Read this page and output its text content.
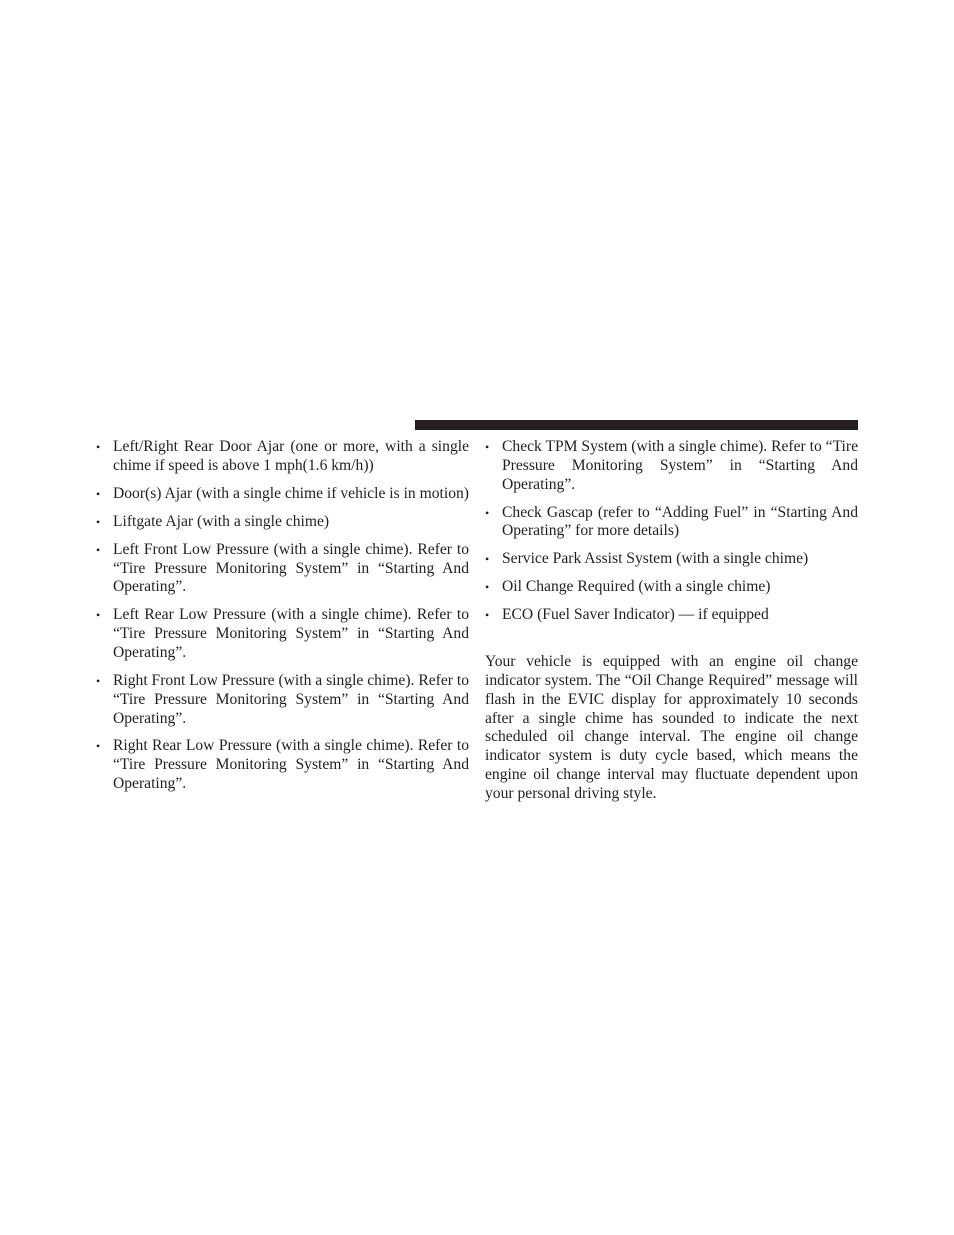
• Left/Right Rear Door Ajar (one or more, with a single chime if speed is above 1 mph(1.6 km/h))
• Door(s) Ajar (with a single chime if vehicle is in motion)
• Liftgate Ajar (with a single chime)
• Left Front Low Pressure (with a single chime). Refer to “Tire Pressure Monitoring System” in “Starting And Operating”.
• Left Rear Low Pressure (with a single chime). Refer to “Tire Pressure Monitoring System” in “Starting And Operating”.
• Right Front Low Pressure (with a single chime). Refer to “Tire Pressure Monitoring System” in “Starting And Operating”.
• Right Rear Low Pressure (with a single chime). Refer to “Tire Pressure Monitoring System” in “Starting And Operating”.
• Check TPM System (with a single chime). Refer to “Tire Pressure Monitoring System” in “Starting And Operating”.
• Check Gascap (refer to “Adding Fuel” in “Starting And Operating” for more details)
• Service Park Assist System (with a single chime)
• Oil Change Required (with a single chime)
• ECO (Fuel Saver Indicator) — if equipped

Your vehicle is equipped with an engine oil change indicator system. The “Oil Change Required” message will flash in the EVIC display for approximately 10 seconds after a single chime has sounded to indicate the next scheduled oil change interval. The engine oil change indicator system is duty cycle based, which means the engine oil change interval may fluctuate dependent upon your personal driving style.
